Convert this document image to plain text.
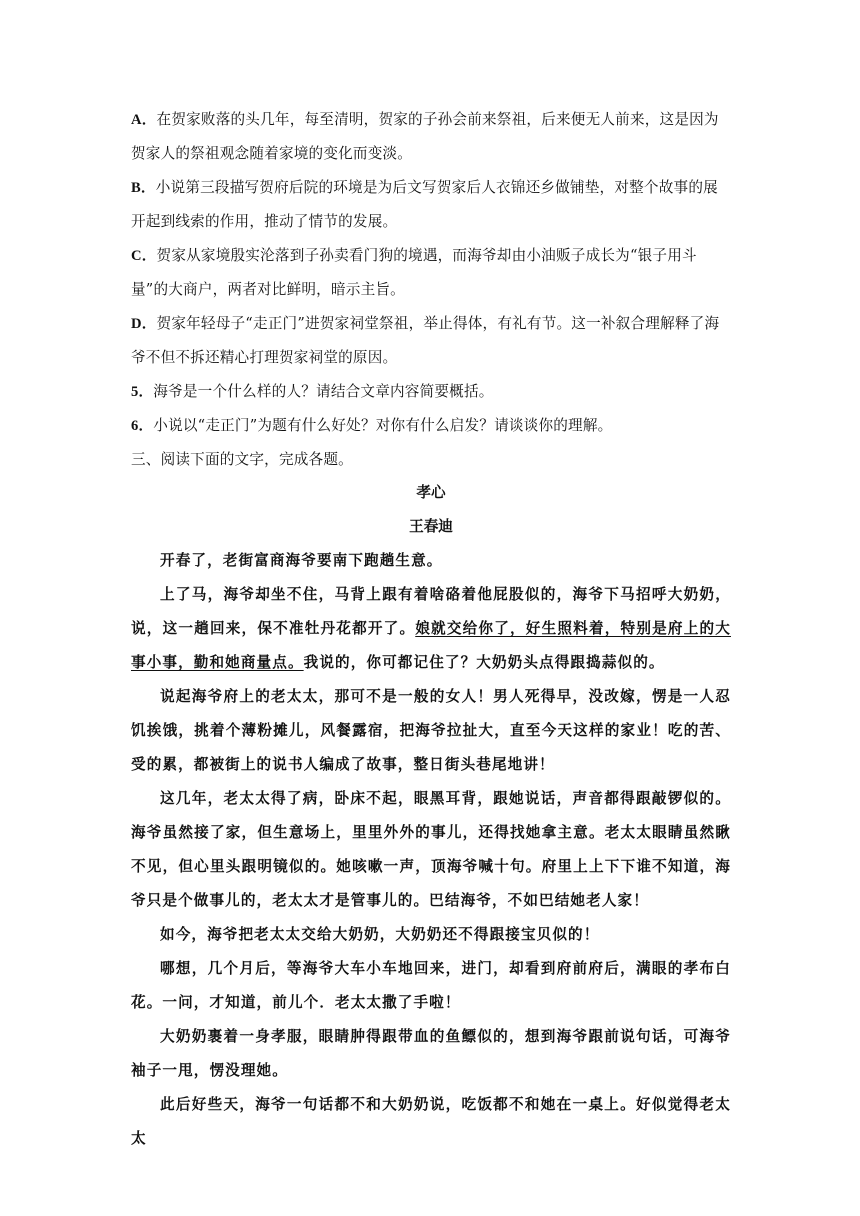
A．在贺家败落的头几年，每至清明，贺家的子孙会前来祭祖，后来便无人前来，这是因为贺家人的祭祖观念随着家境的变化而变淡。

B．小说第三段描写贺府后院的环境是为后文写贺家后人衣锦还乡做铺垫，对整个故事的展开起到线索的作用，推动了情节的发展。

C．贺家从家境殷实沦落到子孙卖看门狗的境遇，而海爷却由小油贩子成长为“银子用斗量”的大商户，两者对比鲜明，暗示主旨。

D．贺家年轻母子“走正门”进贺家祠堂祭祖，举止得体，有礼有节。这一补叙合理解释了海爷不但不拆还精心打理贺家祠堂的原因。

5．海爷是一个什么样的人？请结合文章内容简要概括。

6．小说以“走正门”为题有什么好处？对你有什么启发？请谈谈你的理解。

三、阅读下面的文字，完成各题。

孝心

王春迪

开春了，老街富商海爷要南下跑趟生意。

上了马，海爷却坐不住，马背上跟有着啥硌着他屁股似的，海爷下马招呼大奶奶，说，这一趟回来，保不准牡丹花都开了。娘就交给你了，好生照料着，特别是府上的大事小事，勤和她商量点。我说的，你可都记住了？大奶奶头点得跟捣蒜似的。

说起海爷府上的老太太，那可不是一般的女人！男人死得早，没改嫁，愣是一人忍饥挨饿，挑着个薄粉摊儿，风餐露宿，把海爷拉扯大，直至今天这样的家业！吃的苦、受的累，都被街上的说书人编成了故事，整日街头巷尾地讲！

这几年，老太太得了病，卧床不起，眼黑耳背，跟她说话，声音都得跟敲锣似的。海爷虽然接了家，但生意场上，里里外外的事儿，还得找她拿主意。老太太眼睛虽然瞅不见，但心里头跟明镜似的。她咳嗽一声，顶海爷喊十句。府里上上下下谁不知道，海爷只是个做事儿的，老太太才是管事儿的。巴结海爷，不如巴结她老人家！

如今，海爷把老太太交给大奶奶，大奶奶还不得跟接宝贝似的！

哪想，几个月后，等海爷大车小车地回来，进门，却看到府前府后，满眼的孝布白花。一问，才知道，前儿个．老太太撒了手啦！

大奶奶裹着一身孝服，眼睛肿得跟带血的鱼鳔似的，想到海爷跟前说句话，可海爷袖子一甩，愣没理她。

此后好些天，海爷一句话都不和大奶奶说，吃饭都不和她在一桌上。好似觉得老太太
